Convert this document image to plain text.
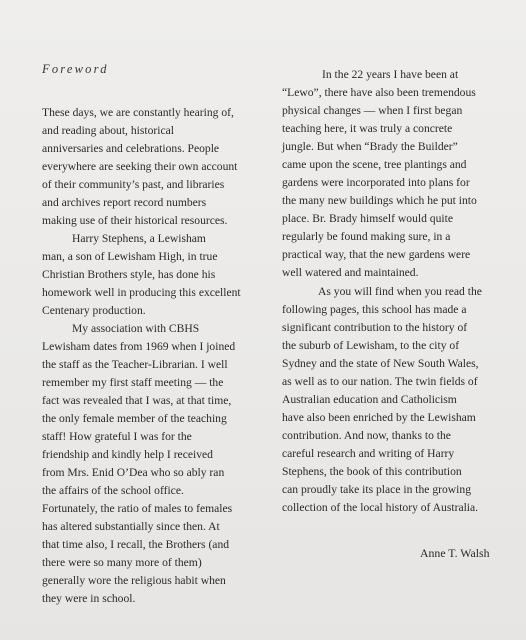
Foreword
These days, we are constantly hearing of,
and reading about, historical
anniversaries and celebrations. People
everywhere are seeking their own account
of their community’s past, and libraries
and archives report record numbers
making use of their historical resources.
Harry Stephens, a Lewisham
man, a son of Lewisham High, in true
Christian Brothers style, has done his
homework well in producing this excellent
Centenary production.
My association with CBHS
Lewisham dates from 1969 when I joined
the staff as the Teacher-Librarian. I well
remember my first staff meeting — the
fact was revealed that I was, at that time,
the only female member of the teaching
staff! How grateful I was for the
friendship and kindly help I received
from Mrs. Enid O’Dea who so ably ran
the affairs of the school office.
Fortunately, the ratio of males to females
has altered substantially since then. At
that time also, I recall, the Brothers (and
there were so many more of them)
generally wore the religious habit when
they were in school.
In the 22 years I have been at
“Lewo”, there have also been tremendous
physical changes — when I first began
teaching here, it was truly a concrete
jungle. But when “Brady the Builder”
came upon the scene, tree plantings and
gardens were incorporated into plans for
the many new buildings which he put into
place. Br. Brady himself would quite
regularly be found making sure, in a
practical way, that the new gardens were
well watered and maintained.
As you will find when you read the
following pages, this school has made a
significant contribution to the history of
the suburb of Lewisham, to the city of
Sydney and the state of New South Wales,
as well as to our nation. The twin fields of
Australian education and Catholicism
have also been enriched by the Lewisham
contribution. And now, thanks to the
careful research and writing of Harry
Stephens, the book of this contribution
can proudly take its place in the growing
collection of the local history of Australia.
Anne T. Walsh
